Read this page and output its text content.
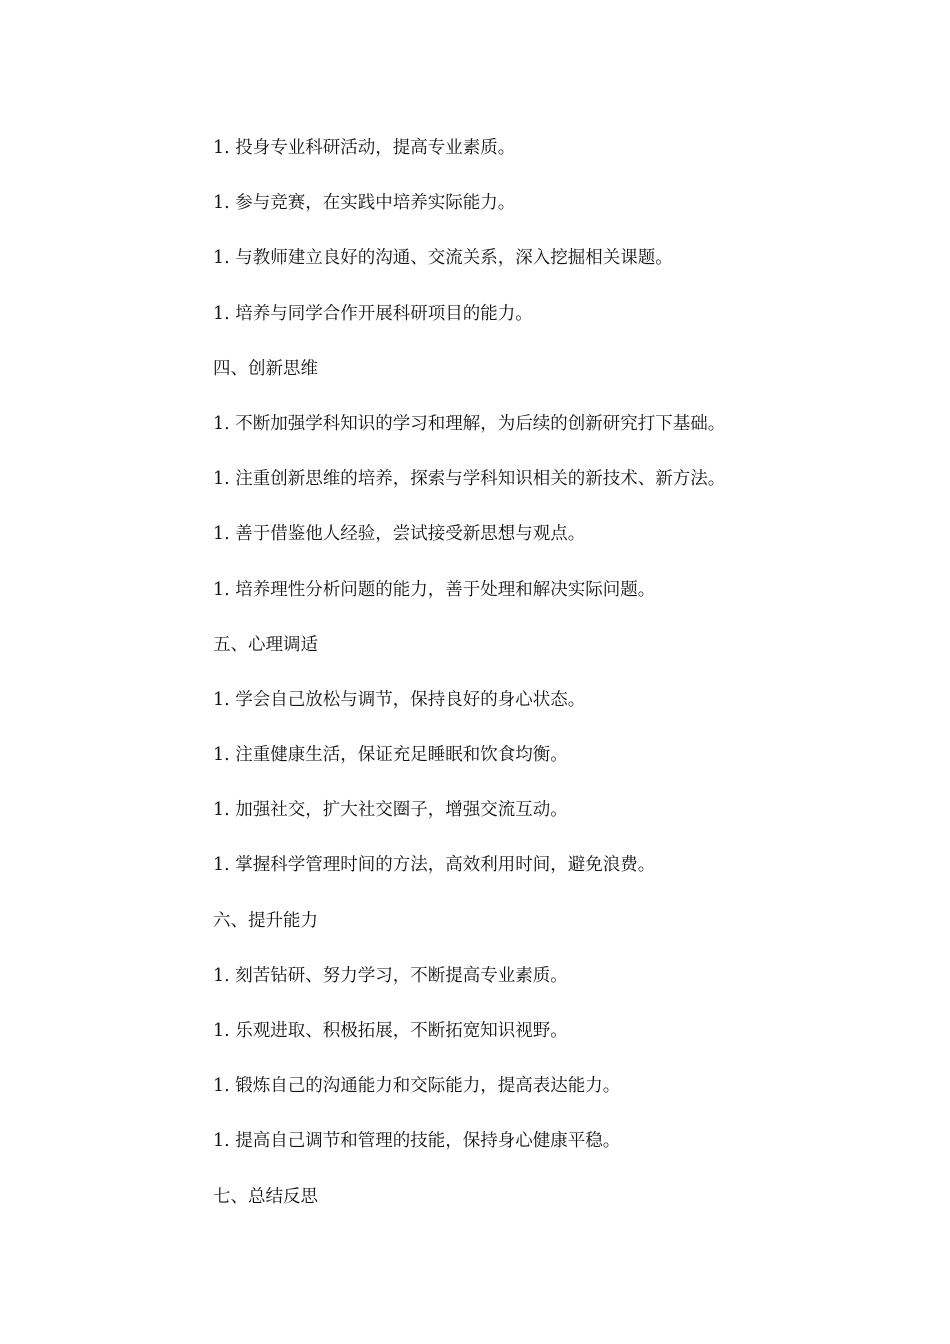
1. 投身专业科研活动，提高专业素质。
1. 参与竞赛，在实践中培养实际能力。
1. 与教师建立良好的沟通、交流关系，深入挖掘相关课题。
1. 培养与同学合作开展科研项目的能力。
四、创新思维
1. 不断加强学科知识的学习和理解，为后续的创新研究打下基础。
1. 注重创新思维的培养，探索与学科知识相关的新技术、新方法。
1. 善于借鉴他人经验，尝试接受新思想与观点。
1. 培养理性分析问题的能力，善于处理和解决实际问题。
五、心理调适
1. 学会自己放松与调节，保持良好的身心状态。
1. 注重健康生活，保证充足睡眠和饮食均衡。
1. 加强社交，扩大社交圈子，增强交流互动。
1. 掌握科学管理时间的方法，高效利用时间，避免浪费。
六、提升能力
1. 刻苦钻研、努力学习，不断提高专业素质。
1. 乐观进取、积极拓展，不断拓宽知识视野。
1. 锻炼自己的沟通能力和交际能力，提高表达能力。
1. 提高自己调节和管理的技能，保持身心健康平稳。
七、总结反思
